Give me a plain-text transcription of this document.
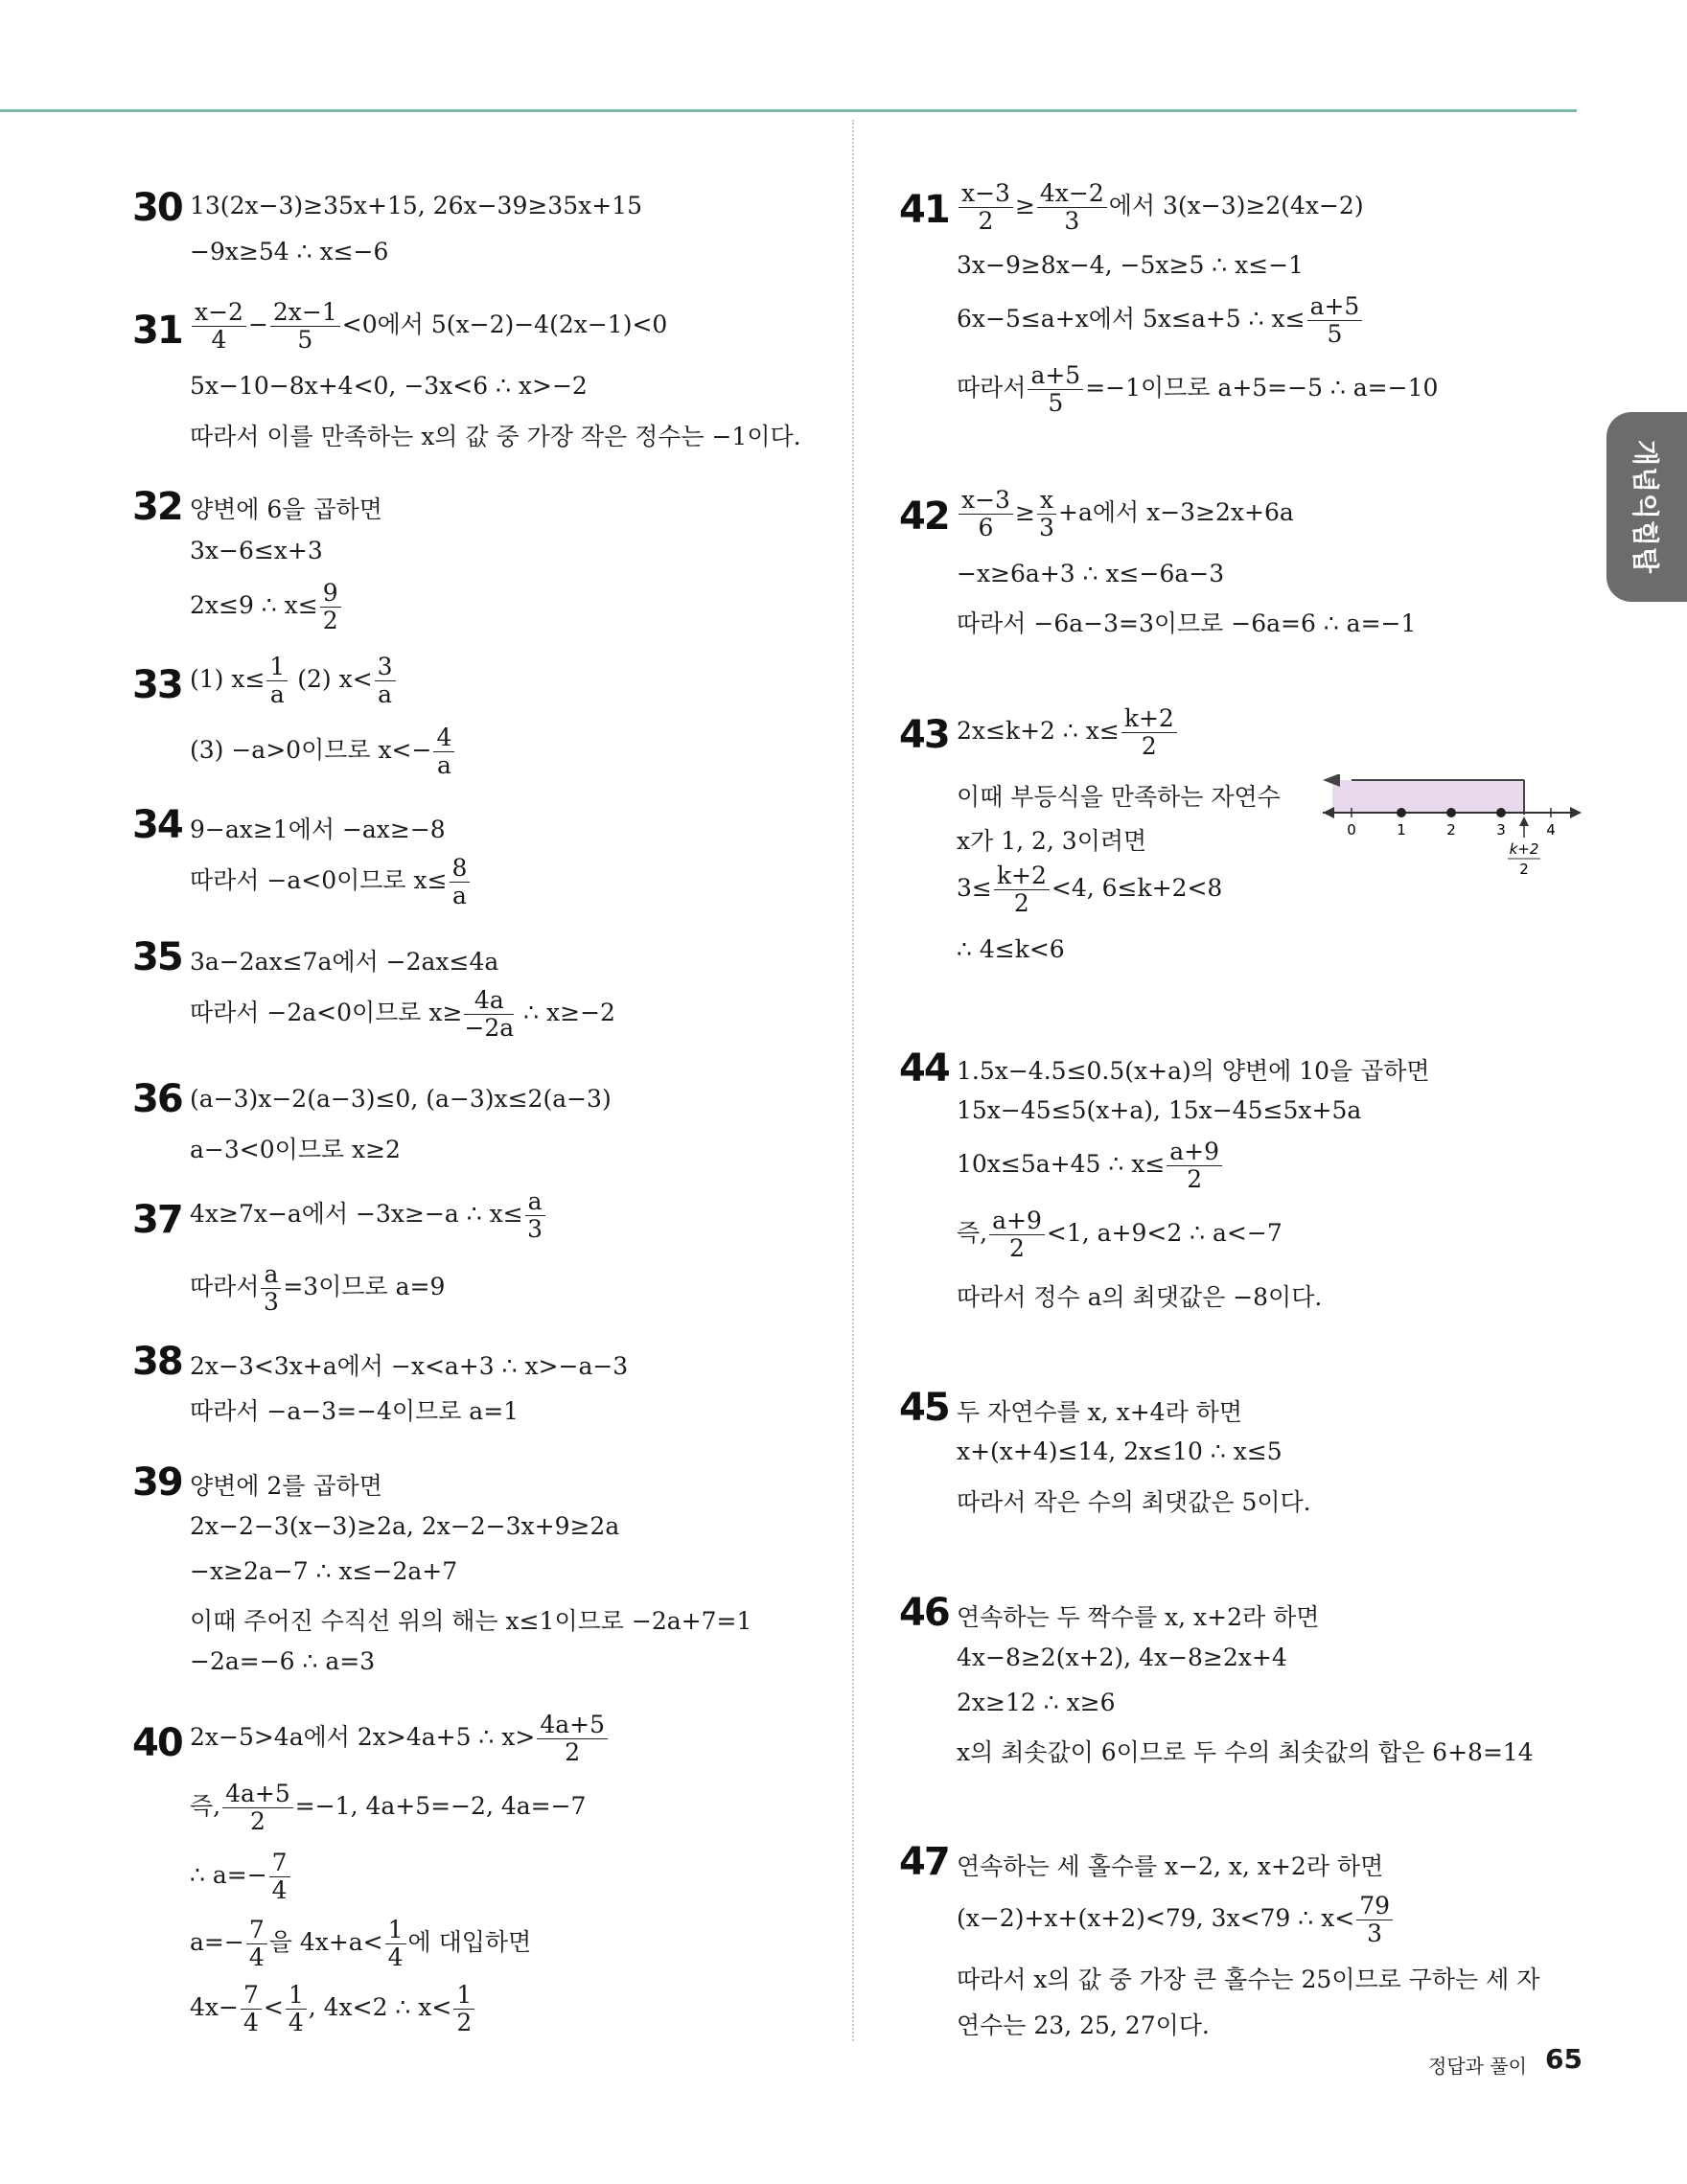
개념익힘탑
30 13(2x−3)≥35x+15, 26x−39≥35x+15
−9x≥54 ∴ x≤−6
$31 \frac{x-2}{4} - \frac{2x-1}{5} <0$에서 5(x−2)−4(2x−1)<0
5x−10−8x+4<0, −3x<6 ∴ x>−2
따라서 이를 만족하는 x의 값 중 가장 작은 정수는 −1이다.
32 양변에 6을 곱하면
3x−6≤x+3
2x≤9 ∴ $x\le \frac{9}{2}$
33 (1) $x\le \frac{1}{a} (2)$ $x< \frac{3}{a}$
(3) −a>0이므로 $x<- \frac{4}{a}$
34 9−ax≥1에서 −ax≥−8
따라서 −a<0이므로 $x\le \frac{8}{a}$
35 3a−2ax≤7a에서 −2ax≤4a
따라서 −2a<0이므로 $x\ge \frac{4a}{-2a}$ ∴ x≥−2
36 (a−3)x−2(a−3)≤0, (a−3)x≤2(a−3)
a−3<0이므로 x≥2
37 4x≥7x−a에서 −3x≥−a ∴ $x\le \frac{a}{3}$
따라서 $\frac{a}{3} =3$이므로 a=9
38 2x−3<3x+a에서 −x<a+3 ∴ x>−a−3
따라서 −a−3=−4이므로 a=1
39 양변에 2를 곱하면
2x−2−3(x−3)≥2a, 2x−2−3x+9≥2a
−x≥2a−7 ∴ x≤−2a+7
이때 주어진 수직선 위의 해는 x≤1이므로 −2a+7=1
−2a=−6 ∴ a=3
40 2x−5>4a에서 2x>4a+5 ∴ $x> \frac{4a+5}{2}$
즉, $\frac{4a+5}{2} =-1$, 4a+5=−2, 4a=−7
∴ $a=- \frac{7}{4}$
$a=- \frac{7}{4}$ 을 $4x+a< \frac{1}{4}$ 에 대입하면
$4x- \frac{7}{4} < \frac{1}{4}$ , 4x<2 ∴ $x< \frac{1}{2}$
$41 \frac{x-3}{2} \ge \frac{4x-2}{3}$ 에서 3(x−3)≥2(4x−2)
3x−9≥8x−4, −5x≥5 ∴ x≤−1
6x−5≤a+x에서 5x≤a+5 ∴ $x\le \frac{a+5}{5}$
따라서 $\frac{a+5}{5} =-1$이므로 a+5=−5 ∴ a=−10
$42 \frac{x-3}{6} \ge \frac{x}{3} +a$에서 x−3≥2x+6a
−x≥6a+3 ∴ x≤−6a−3
따라서 −6a−3=3이므로 −6a=6 ∴ a=−1
43 2x≤k+2 ∴ $x\le \frac{k+2}{2}$
이때 부등식을 만족하는 자연수
x가 1, 2, 3이려면
$3\le \frac{k+2}{2} <4$, 6≤k+2<8
∴ 4≤k<6
0	1	2	3	4
k+2
2
44 1.5x−4.5≤0.5(x+a)의 양변에 10을 곱하면
15x−45≤5(x+a), 15x−45≤5x+5a
10x≤5a+45 ∴ $x\le \frac{a+9}{2}$
즉, $\frac{a+9}{2} <1$, a+9<2 ∴ a<−7
따라서 정수 a의 최댓값은 −8이다.
45 두 자연수를 x, x+4라 하면
x+(x+4)≤14, 2x≤10 ∴ x≤5
따라서 작은 수의 최댓값은 5이다.
46 연속하는 두 짝수를 x, x+2라 하면
4x−8≥2(x+2), 4x−8≥2x+4
2x≥12 ∴ x≥6
x의 최솟값이 6이므로 두 수의 최솟값의 합은 6+8=14
47 연속하는 세 홀수를 x−2, x, x+2라 하면
(x−2)+x+(x+2)<79, 3x<79 ∴ $x< \frac{79}{3}$
따라서 x의 값 중 가장 큰 홀수는 25이므로 구하는 세 자
연수는 23, 25, 27이다.
정답과 풀이 65
